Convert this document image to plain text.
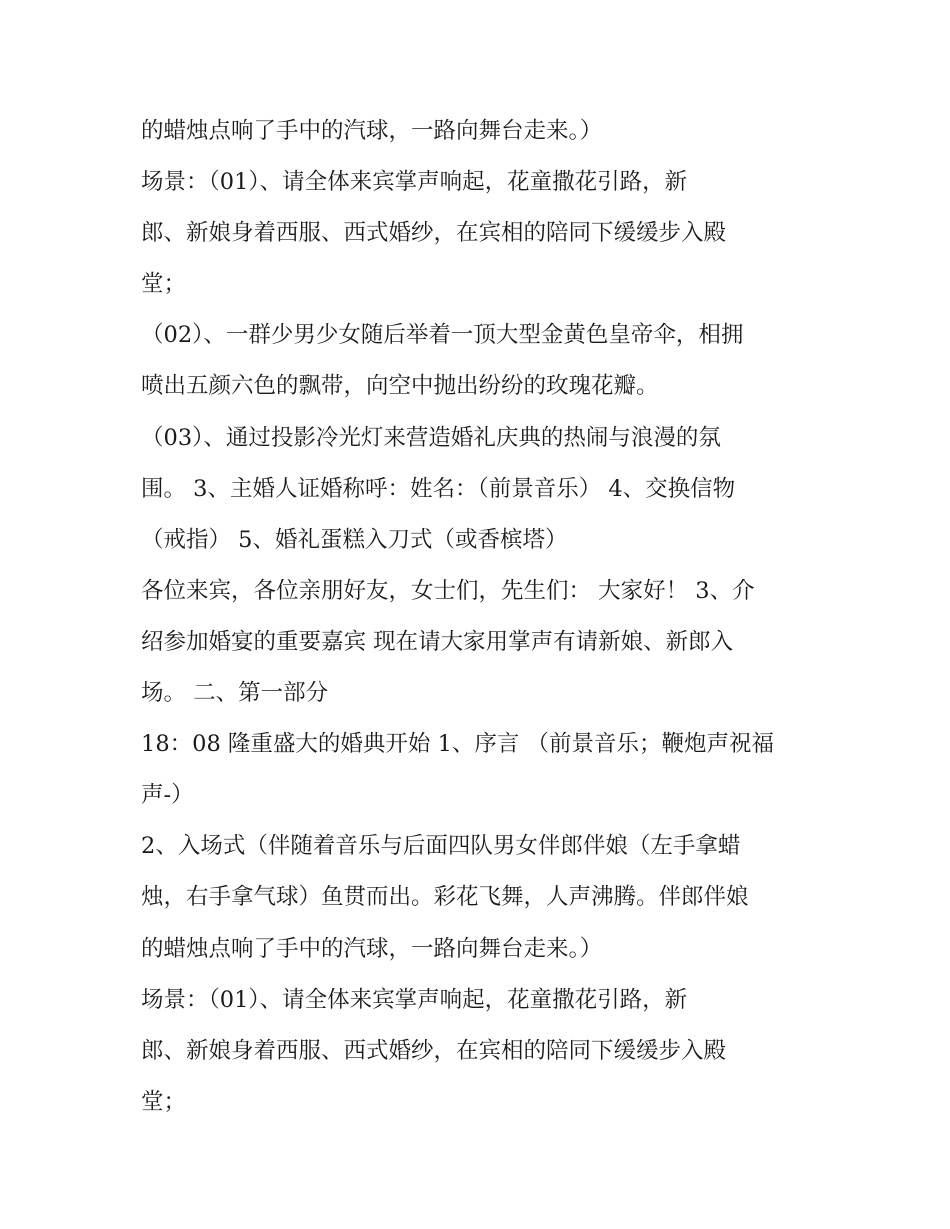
的蜡烛点响了手中的汽球，一路向舞台走来。）
场景：（01）、请全体来宾掌声响起，花童撒花引路，新
郎、新娘身着西服、西式婚纱，在宾相的陪同下缓缓步入殿
堂；
（02）、一群少男少女随后举着一顶大型金黄色皇帝伞，相拥
喷出五颜六色的飘带，向空中抛出纷纷的玫瑰花瓣。
（03）、通过投影冷光灯来营造婚礼庆典的热闹与浪漫的氛
围。 3、主婚人证婚称呼：姓名：（前景音乐） 4、交换信物
（戒指） 5、婚礼蛋糕入刀式（或香槟塔）
各位来宾，各位亲朋好友，女士们，先生们： 大家好！ 3、介
绍参加婚宴的重要嘉宾 现在请大家用掌声有请新娘、新郎入
场。 二、第一部分
18：08 隆重盛大的婚典开始 1、序言 （前景音乐；鞭炮声祝福
声-）
2、入场式（伴随着音乐与后面四队男女伴郎伴娘（左手拿蜡
烛，右手拿气球）鱼贯而出。彩花飞舞，人声沸腾。伴郎伴娘
的蜡烛点响了手中的汽球，一路向舞台走来。）
场景：（01）、请全体来宾掌声响起，花童撒花引路，新
郎、新娘身着西服、西式婚纱，在宾相的陪同下缓缓步入殿
堂；
